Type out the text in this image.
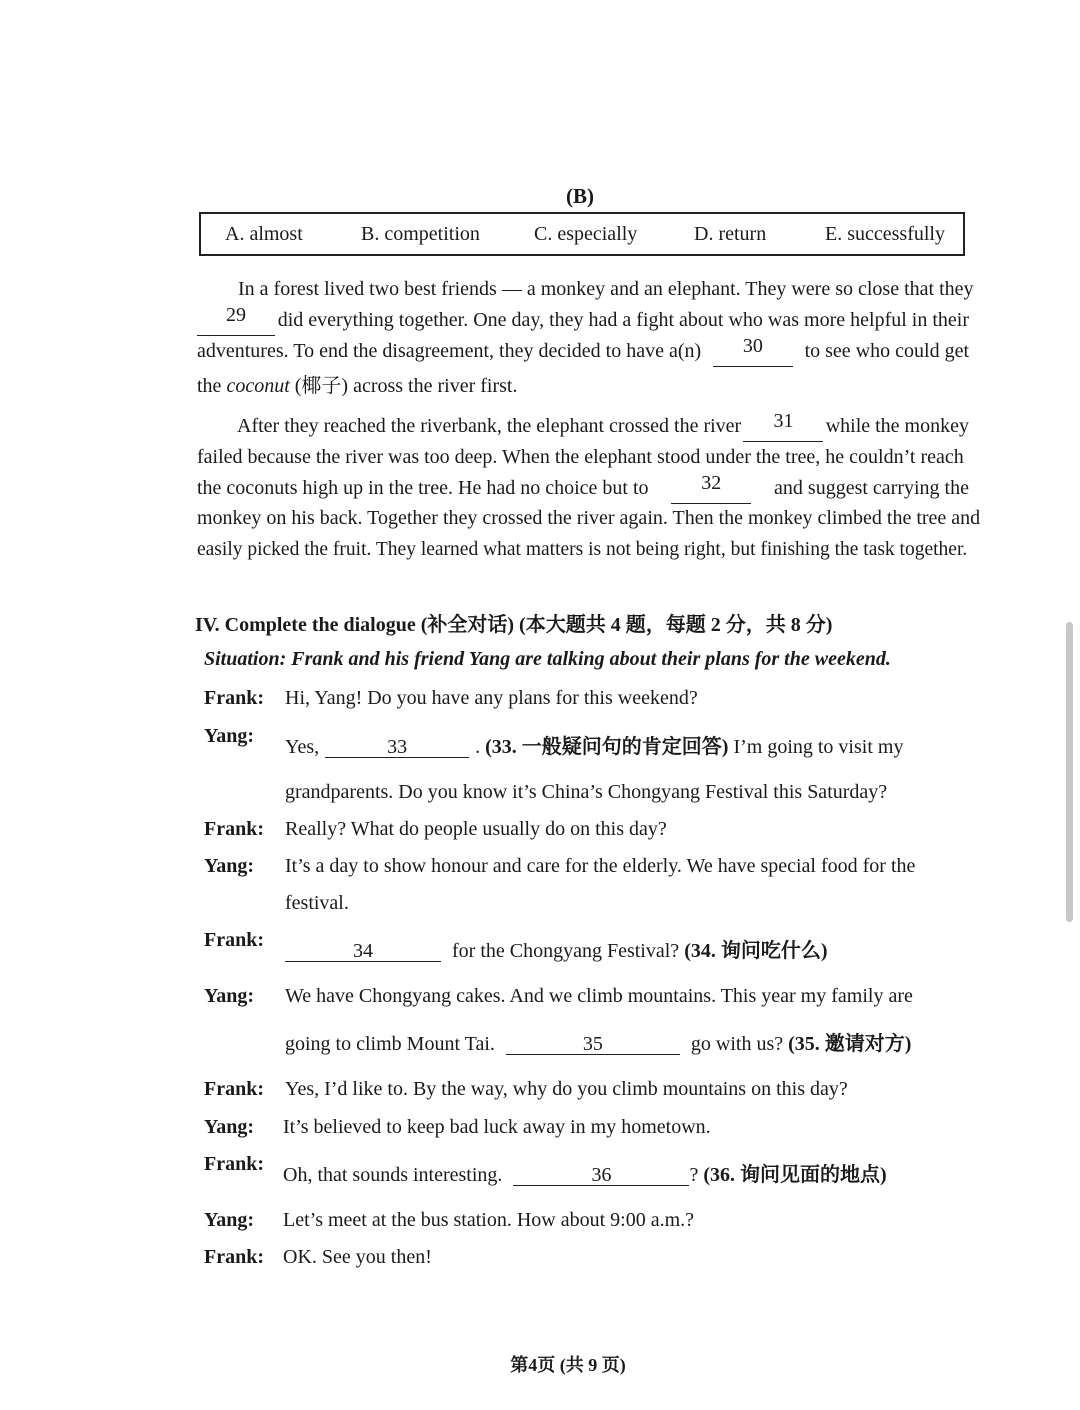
(B)
A. almost	B. competition	C. especially	D. return	E. successfully
In a forest lived two best friends — a monkey and an elephant. They were so close that they
29	did everything together. One day, they had a fight about who was more helpful in their
adventures. To end the disagreement, they decided to have a(n)	30	to see who could get
the coconut (椰子) across the river first.
After they reached the riverbank, the elephant crossed the river	31	while the monkey
failed because the river was too deep. When the elephant stood under the tree, he couldn’t reach
the coconuts high up in the tree. He had no choice but to	32	and suggest carrying the
monkey on his back. Together they crossed the river again. Then the monkey climbed the tree and
easily picked the fruit. They learned what matters is not being right, but finishing the task together.
IV. Complete the dialogue (补全对话) (本大题共 4 题，每题 2 分，共 8 分)
Situation: Frank and his friend Yang are talking about their plans for the weekend.
Frank: Hi, Yang! Do you have any plans for this weekend?
Yang: Yes,	33	. (33. 一般疑问句的肯定回答) I’m going to visit my
grandparents. Do you know it’s China’s Chongyang Festival this Saturday?
Frank: Really? What do people usually do on this day?
Yang: It’s a day to show honour and care for the elderly. We have special food for the
festival.
Frank:	34	for the Chongyang Festival? (34. 询问吃什么)
Yang: We have Chongyang cakes. And we climb mountains. This year my family are
going to climb Mount Tai.	35	go with us? (35. 邀请对方)
Frank: Yes, I’d like to. By the way, why do you climb mountains on this day?
Yang: It’s believed to keep bad luck away in my hometown.
Frank: Oh, that sounds interesting.	36	? (36. 询问见面的地点)
Yang: Let’s meet at the bus station. How about 9:00 a.m.?
Frank: OK. See you then!
第4页 (共 9 页)
